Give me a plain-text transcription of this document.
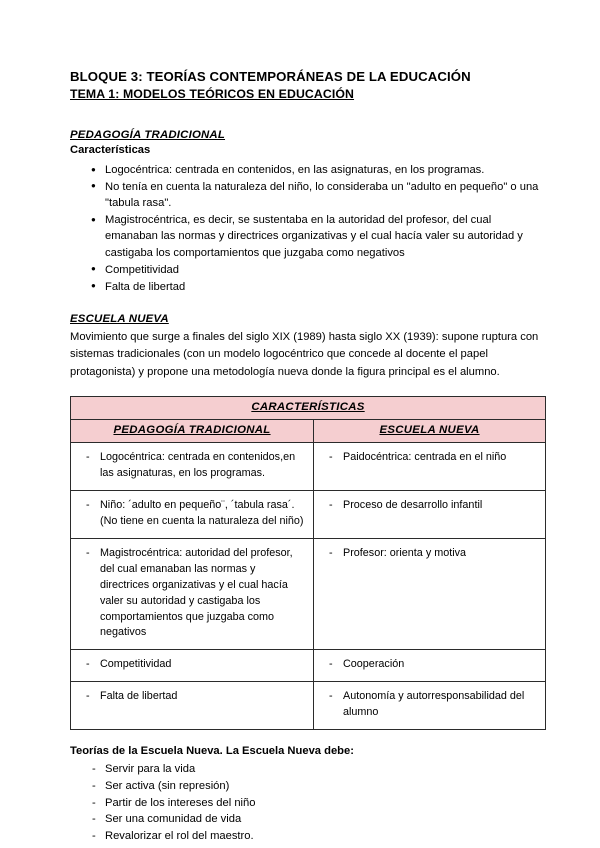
BLOQUE 3: TEORÍAS CONTEMPORÁNEAS DE LA EDUCACIÓN
TEMA 1: MODELOS TEÓRICOS EN EDUCACIÓN
PEDAGOGÍA TRADICIONAL
Características
● Logocéntrica: centrada en contenidos, en las asignaturas, en los programas.
● No tenía en cuenta la naturaleza del niño, lo consideraba un "adulto en pequeño" o una "tabula rasa".
● Magistrocéntrica, es decir, se sustentaba en la autoridad del profesor, del cual emanaban las normas y directrices organizativas y el cual hacía valer su autoridad y castigaba los comportamientos que juzgaba como negativos
● Competitividad
● Falta de libertad
ESCUELA NUEVA

Movimiento que surge a finales del siglo XIX (1989) hasta siglo XX (1939): supone ruptura con sistemas tradicionales (con un modelo logocéntrico que concede al docente el papel protagonista) y propone una metodología nueva donde la figura principal es el alumno.

CARACTERÍSTICAS	
PEDAGOGÍA TRADICIONAL	ESCUELA NUEVA

- Logocéntrica: centrada en contenidos,en las asignaturas, en los programas.	- Paidocéntrica: centrada en el niño

- Niño: ´adulto en pequeño¨, ´tabula rasa´. (No tiene en cuenta la naturaleza del niño)	- Proceso de desarrollo infantil

- Magistrocéntrica: autoridad del profesor, del cual emanaban las normas y directrices organizativas y el cual hacía valer su autoridad y castigaba los comportamientos que juzgaba como negativos	- Profesor: orienta y motiva

- Competitividad	- Cooperación

- Falta de libertad	- Autonomía y autorresponsabilidad del alumno
Teorías de la Escuela Nueva. La Escuela Nueva debe:
- Servir para la vida
- Ser activa (sin represión)
- Partir de los intereses del niño
- Ser una comunidad de vida
- Revalorizar el rol del maestro.
